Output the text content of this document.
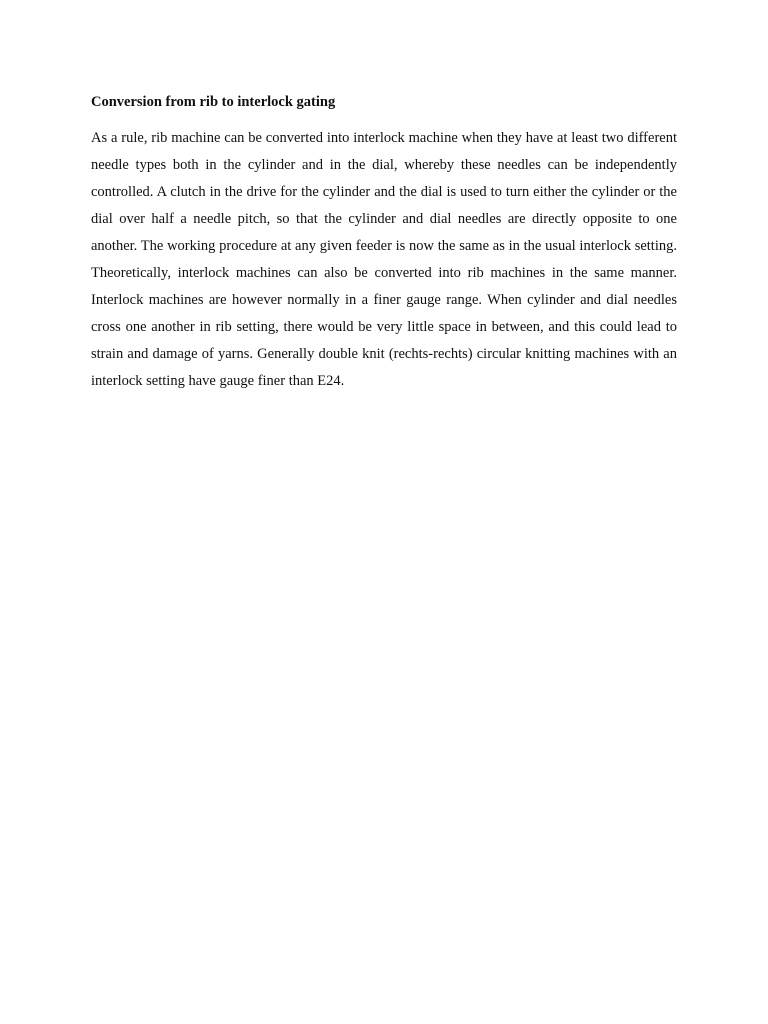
Conversion from rib to interlock gating

As a rule, rib machine can be converted into interlock machine when they have at least two different needle types both in the cylinder and in the dial, whereby these needles can be independently controlled. A clutch in the drive for the cylinder and the dial is used to turn either the cylinder or the dial over half a needle pitch, so that the cylinder and dial needles are directly opposite to one another. The working procedure at any given feeder is now the same as in the usual interlock setting. Theoretically, interlock machines can also be converted into rib machines in the same manner. Interlock machines are however normally in a finer gauge range. When cylinder and dial needles cross one another in rib setting, there would be very little space in between, and this could lead to strain and damage of yarns. Generally double knit (rechts-rechts) circular knitting machines with an interlock setting have gauge finer than E24.
